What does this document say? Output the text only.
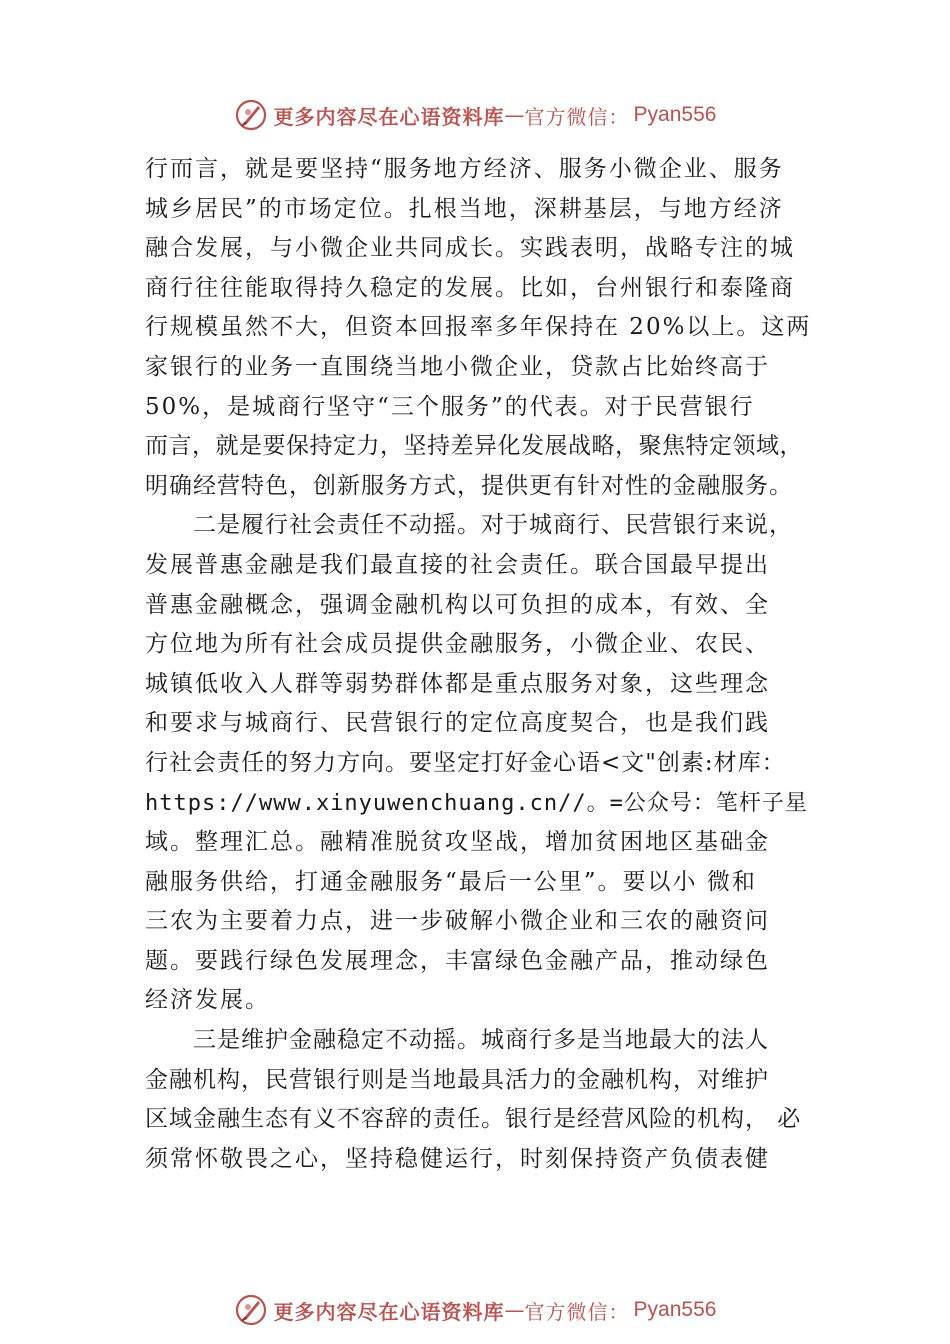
更多内容尽在心语资料库 — 官方微信： Pyan556
行而言，就是要坚持“服务地方经济、服务小微企业、服务
城乡居民”的市场定位。扎根当地，深耕基层，与地方经济
融合发展，与小微企业共同成长。实践表明，战略专注的城
商行往往能取得持久稳定的发展。比如，台州银行和泰隆商
行规模虽然不大，但资本回报率多年保持在 20%以上。这两
家银行的业务一直围绕当地小微企业，贷款占比始终高于
50%，是城商行坚守“三个服务”的代表。对于民营银行
而言，就是要保持定力，坚持差异化发展战略，聚焦特定领域，
明确经营特色，创新服务方式，提供更有针对性的金融服务。
二是履行社会责任不动摇。对于城商行、民营银行来说，
发展普惠金融是我们最直接的社会责任。联合国最早提出
普惠金融概念，强调金融机构以可负担的成本，有效、全
方位地为所有社会成员提供金融服务，小微企业、农民、
城镇低收入人群等弱势群体都是重点服务对象，这些理念
和要求与城商行、民营银行的定位高度契合，也是我们践
行社会责任的努力方向。要坚定打好金心语<文"创素:材库：
https://www.xinyuwenchuang.cn//。=公众号：笔杆子星
域。整理汇总。融精准脱贫攻坚战，增加贫困地区基础金
融服务供给，打通金融服务“最后一公里”。要以小 微和
三农为主要着力点，进一步破解小微企业和三农的融资问
题。要践行绿色发展理念，丰富绿色金融产品，推动绿色
经济发展。
三是维护金融稳定不动摇。城商行多是当地最大的法人
金融机构，民营银行则是当地最具活力的金融机构，对维护
区域金融生态有义不容辞的责任。银行是经营风险的机构， 必
须常怀敬畏之心，坚持稳健运行，时刻保持资产负债表健
更多内容尽在心语资料库 — 官方微信： Pyan556
